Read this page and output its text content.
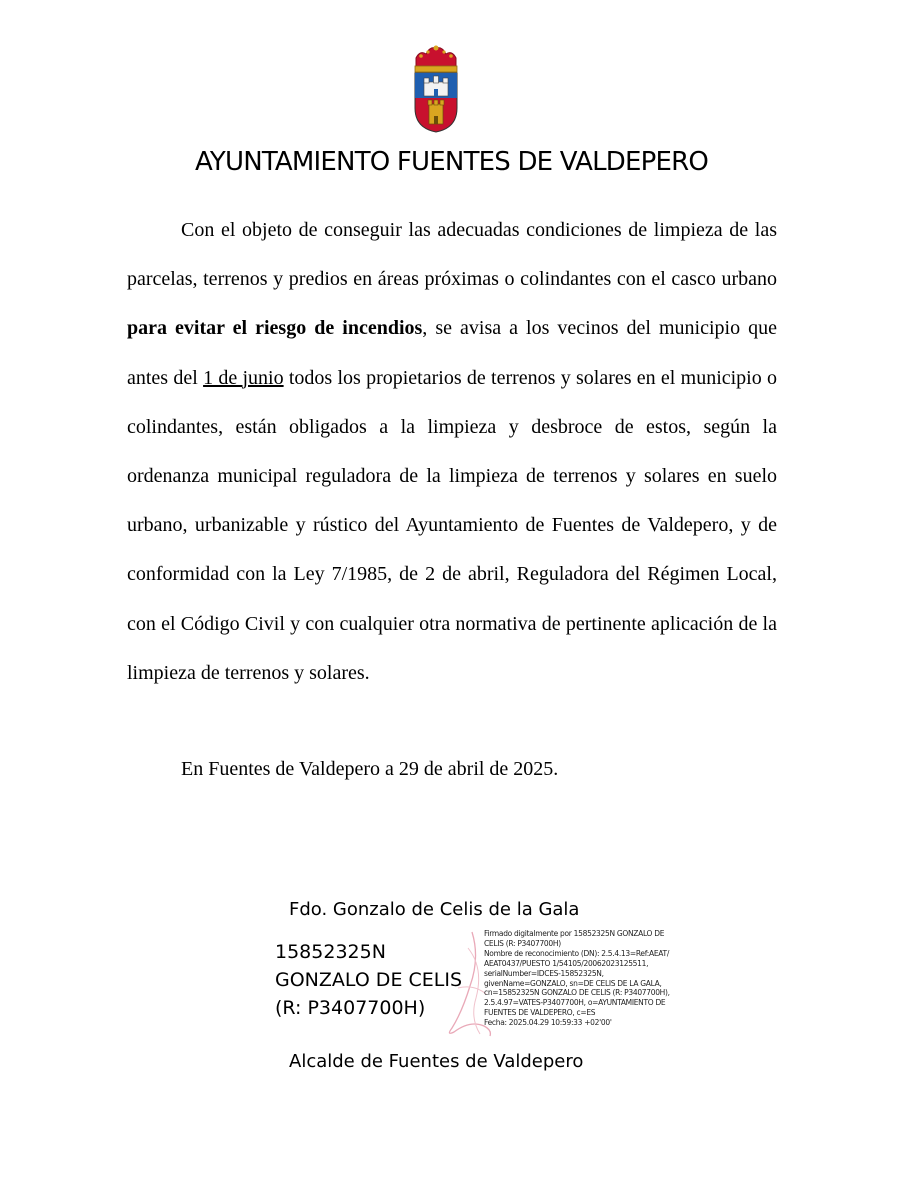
AYUNTAMIENTO FUENTES DE VALDEPERO

Con el objeto de conseguir las adecuadas condiciones de limpieza de las parcelas, terrenos y predios en áreas próximas o colindantes con el casco urbano para evitar el riesgo de incendios, se avisa a los vecinos del municipio que antes del 1 de junio todos los propietarios de terrenos y solares en el municipio o colindantes, están obligados a la limpieza y desbroce de estos, según la ordenanza municipal reguladora de la limpieza de terrenos y solares en suelo urbano, urbanizable y rústico del Ayuntamiento de Fuentes de Valdepero, y de conformidad con la Ley 7/1985, de 2 de abril, Reguladora del Régimen Local, con el Código Civil y con cualquier otra normativa de pertinente aplicación de la limpieza de terrenos y solares.

En Fuentes de Valdepero a 29 de abril de 2025.
Fdo. Gonzalo de Celis de la Gala
15852325N
GONZALO DE CELIS
(R: P3407700H)
Firmado digitalmente por 15852325N GONZALO DE
CELIS (R: P3407700H)
Nombre de reconocimiento (DN): 2.5.4.13=Ref:AEAT/
AEAT0437/PUESTO 1/54105/20062023125511,
serialNumber=IDCES-15852325N,
givenName=GONZALO, sn=DE CELIS DE LA GALA,
cn=15852325N GONZALO DE CELIS (R: P3407700H),
2.5.4.97=VATES-P3407700H, o=AYUNTAMIENTO DE
FUENTES DE VALDEPERO, c=ES
Fecha: 2025.04.29 10:59:33 +02'00'
Alcalde de Fuentes de Valdepero
